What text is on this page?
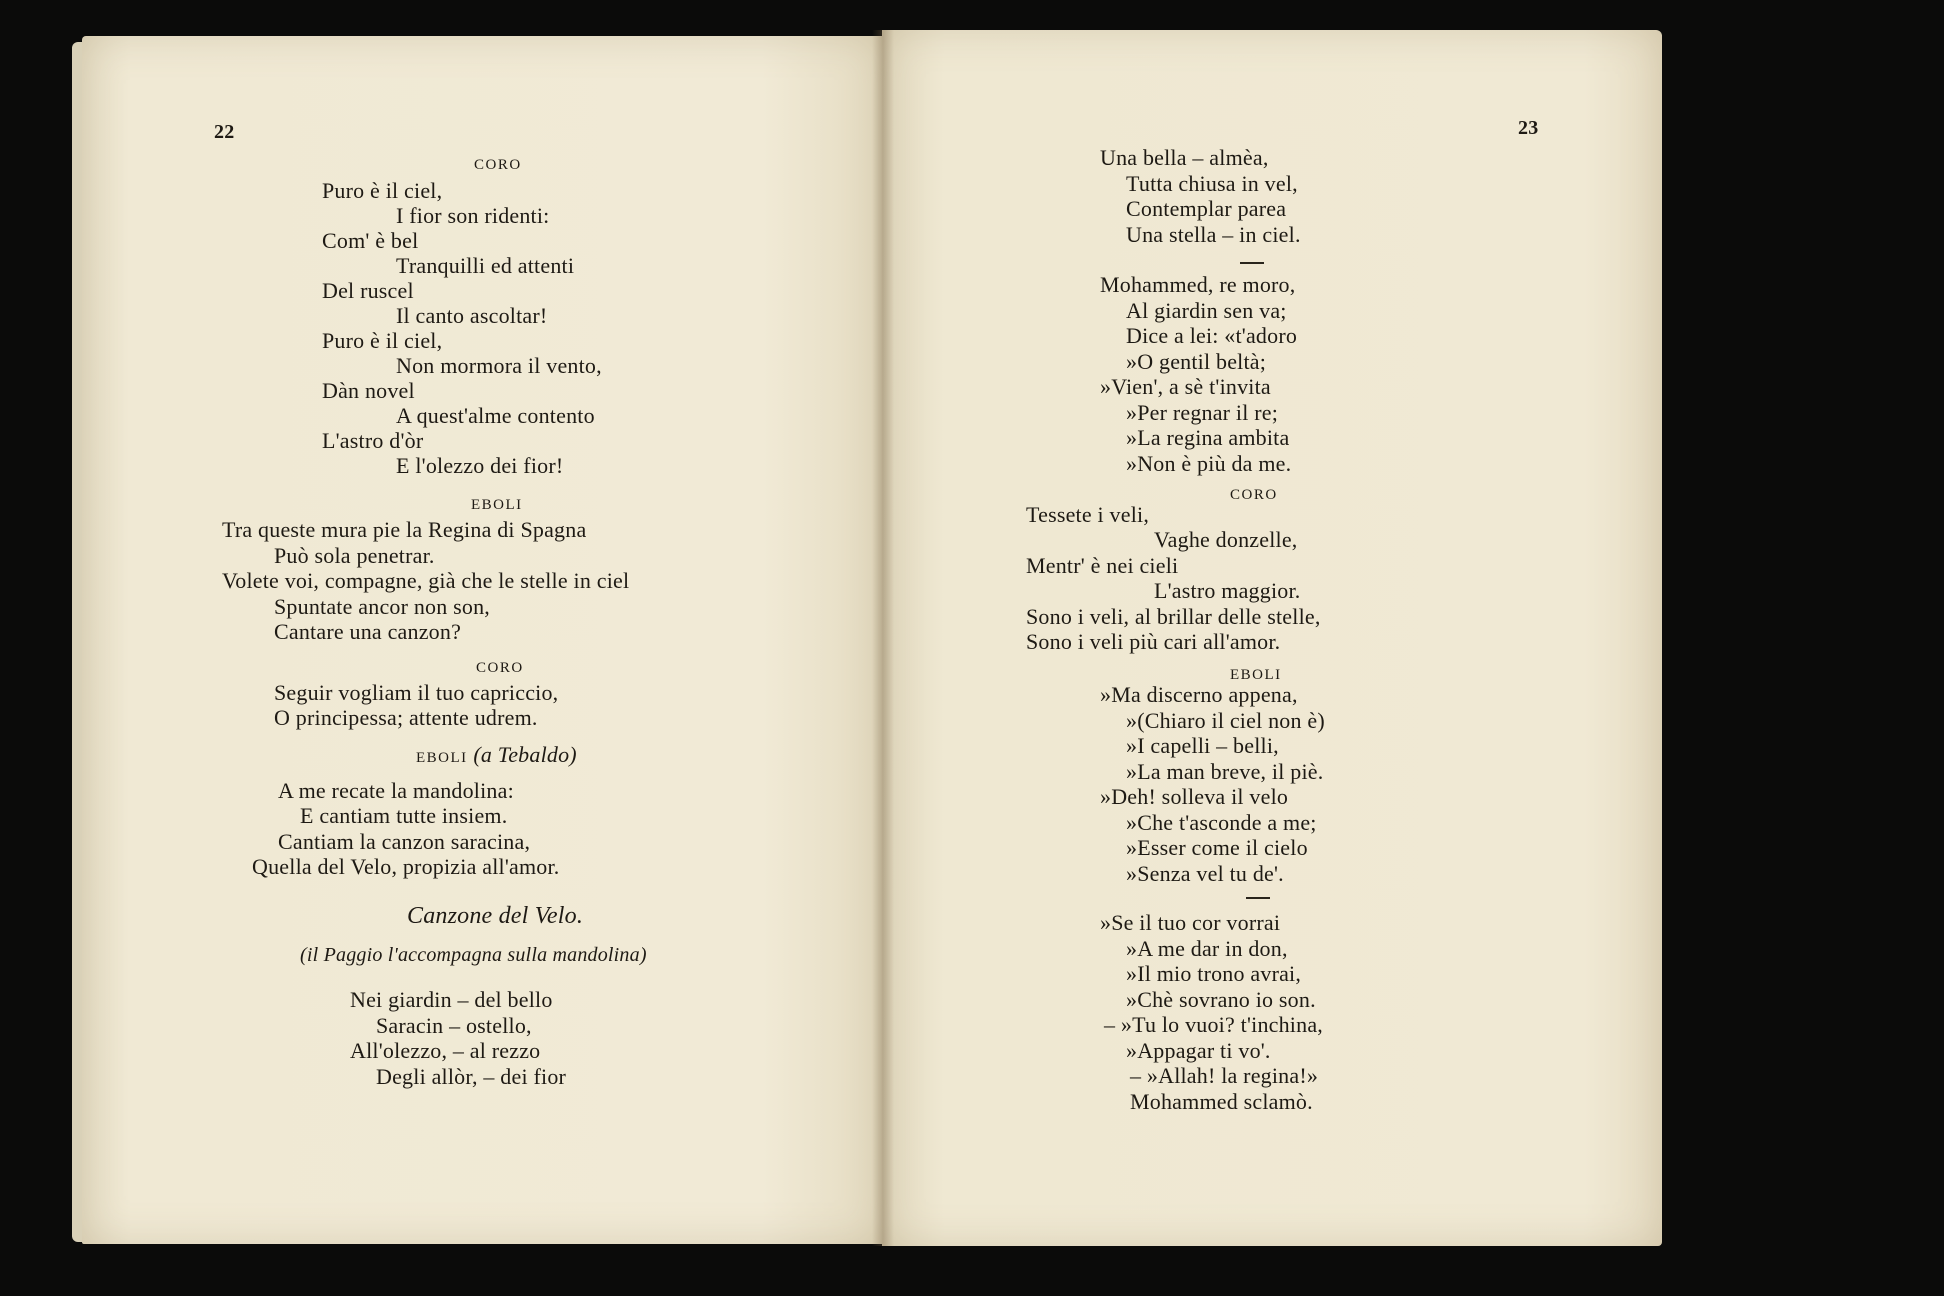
22
CORO
Puro è il ciel,
I fior son ridenti:
Com' è bel
Tranquilli ed attenti
Del ruscel
Il canto ascoltar!
Puro è il ciel,
Non mormora il vento,
Dàn novel
A quest'alme contento
L'astro d'òr
E l'olezzo dei fior!
EBOLI
Tra queste mura pie la Regina di Spagna
Può sola penetrar.
Volete voi, compagne, già che le stelle in ciel
Spuntate ancor non son,
Cantare una canzon?
CORO
Seguir vogliam il tuo capriccio,
O principessa; attente udrem.
EBOLI (a Tebaldo)
A me recate la mandolina:
E cantiam tutte insiem.
Cantiam la canzon saracina,
Quella del Velo, propizia all'amor.
Canzone del Velo.
(il Paggio l'accompagna sulla mandolina)
Nei giardin – del bello
Saracin – ostello,
All'olezzo, – al rezzo
Degli allòr, – dei fior
23
Una bella – almèa,
Tutta chiusa in vel,
Contemplar parea
Una stella – in ciel.
Mohammed, re moro,
Al giardin sen va;
Dice a lei: «t'adoro
»O gentil beltà;
»Vien', a sè t'invita
»Per regnar il re;
»La regina ambita
»Non è più da me.
CORO
Tessete i veli,
Vaghe donzelle,
Mentr' è nei cieli
L'astro maggior.
Sono i veli, al brillar delle stelle,
Sono i veli più cari all'amor.
EBOLI
»Ma discerno appena,
»(Chiaro il ciel non è)
»I capelli – belli,
»La man breve, il piè.
»Deh! solleva il velo
»Che t'asconde a me;
»Esser come il cielo
»Senza vel tu de'.
»Se il tuo cor vorrai
»A me dar in don,
»Il mio trono avrai,
»Chè sovrano io son.
– »Tu lo vuoi? t'inchina,
»Appagar ti vo'.
– »Allah! la regina!»
Mohammed sclamò.
